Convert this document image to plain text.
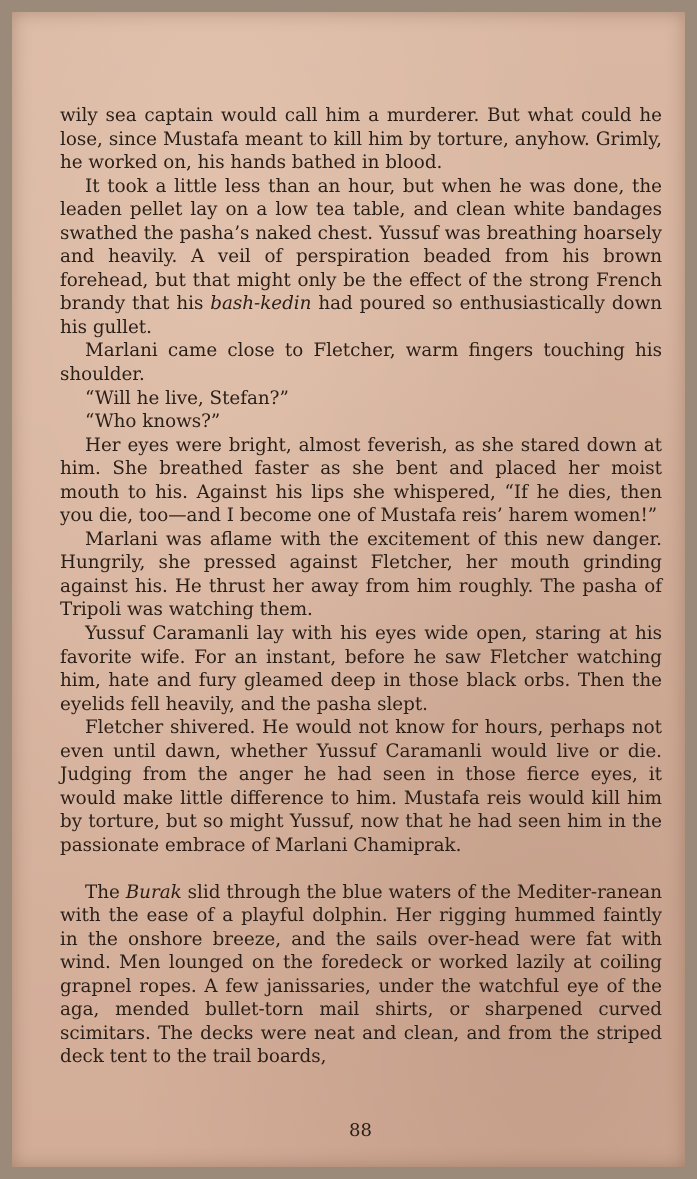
wily sea captain would call him a murderer. But what could he lose, since Mustafa meant to kill him by torture, anyhow. Grimly, he worked on, his hands bathed in blood.

It took a little less than an hour, but when he was done, the leaden pellet lay on a low tea table, and clean white bandages swathed the pasha’s naked chest. Yussuf was breathing hoarsely and heavily. A veil of perspiration beaded from his brown forehead, but that might only be the effect of the strong French brandy that his bash-kedin had poured so enthusiastically down his gullet.

Marlani came close to Fletcher, warm fingers touching his shoulder.

“Will he live, Stefan?”

“Who knows?”

Her eyes were bright, almost feverish, as she stared down at him. She breathed faster as she bent and placed her moist mouth to his. Against his lips she whispered, “If he dies, then you die, too—and I become one of Mustafa reis’ harem women!”

Marlani was aflame with the excitement of this new danger. Hungrily, she pressed against Fletcher, her mouth grinding against his. He thrust her away from him roughly. The pasha of Tripoli was watching them.

Yussuf Caramanli lay with his eyes wide open, staring at his favorite wife. For an instant, before he saw Fletcher watching him, hate and fury gleamed deep in those black orbs. Then the eyelids fell heavily, and the pasha slept.

Fletcher shivered. He would not know for hours, perhaps not even until dawn, whether Yussuf Caramanli would live or die. Judging from the anger he had seen in those fierce eyes, it would make little difference to him. Mustafa reis would kill him by torture, but so might Yussuf, now that he had seen him in the passionate embrace of Marlani Chamiprak.

The Burak slid through the blue waters of the Mediter-ranean with the ease of a playful dolphin. Her rigging hummed faintly in the onshore breeze, and the sails over-head were fat with wind. Men lounged on the foredeck or worked lazily at coiling grapnel ropes. A few janissaries, under the watchful eye of the aga, mended bullet-torn mail shirts, or sharpened curved scimitars. The decks were neat and clean, and from the striped deck tent to the trail boards,

88
